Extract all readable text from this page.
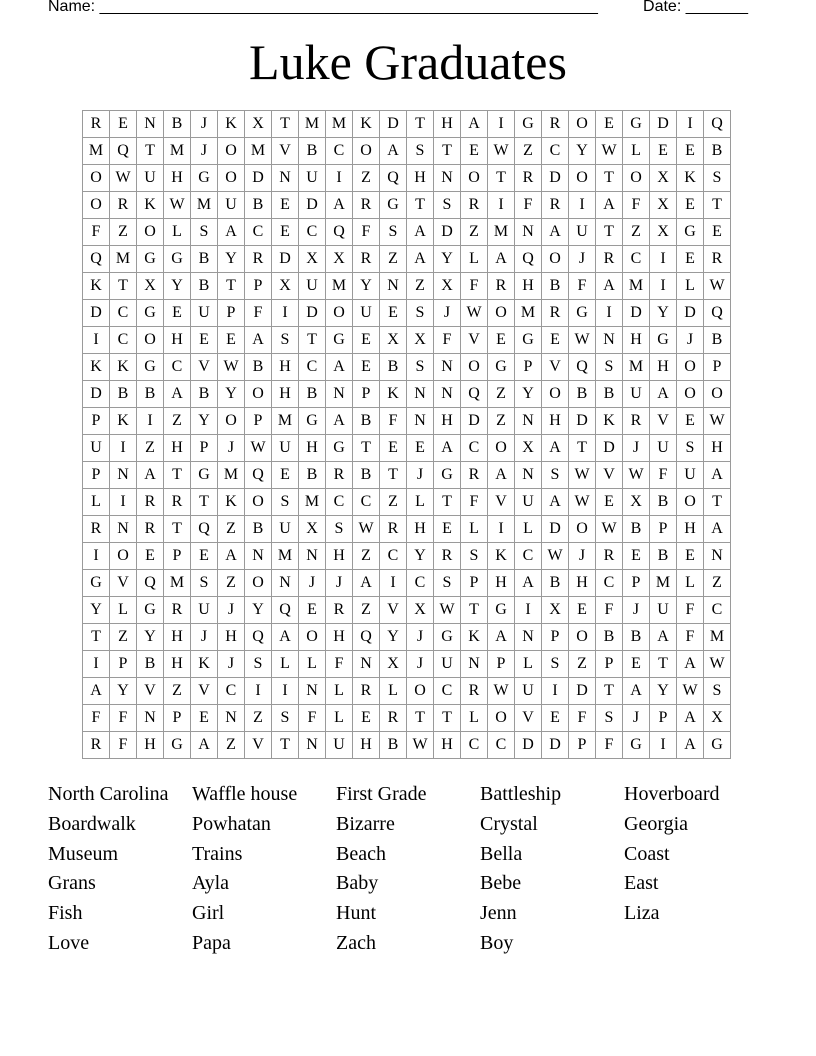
Name: ________________________________________________________	Date: _______
Luke Graduates
R	E	N	B	J	K	X	T	M	M	K	D	T	H	A	I	G	R	O	E	G	D	I	Q
M	Q	T	M	J	O	M	V	B	C	O	A	S	T	E	W	Z	C	Y	W	L	E	E	B
O	W	U	H	G	O	D	N	U	I	Z	Q	H	N	O	T	R	D	O	T	O	X	K	S
O	R	K	W	M	U	B	E	D	A	R	G	T	S	R	I	F	R	I	A	F	X	E	T
F	Z	O	L	S	A	C	E	C	Q	F	S	A	D	Z	M	N	A	U	T	Z	X	G	E
Q	M	G	G	B	Y	R	D	X	X	R	Z	A	Y	L	A	Q	O	J	R	C	I	E	R
K	T	X	Y	B	T	P	X	U	M	Y	N	Z	X	F	R	H	B	F	A	M	I	L	W
D	C	G	E	U	P	F	I	D	O	U	E	S	J	W	O	M	R	G	I	D	Y	D	Q
I	C	O	H	E	E	A	S	T	G	E	X	X	F	V	E	G	E	W	N	H	G	J	B
K	K	G	C	V	W	B	H	C	A	E	B	S	N	O	G	P	V	Q	S	M	H	O	P
D	B	B	A	B	Y	O	H	B	N	P	K	N	N	Q	Z	Y	O	B	B	U	A	O	O
P	K	I	Z	Y	O	P	M	G	A	B	F	N	H	D	Z	N	H	D	K	R	V	E	W
U	I	Z	H	P	J	W	U	H	G	T	E	E	A	C	O	X	A	T	D	J	U	S	H
P	N	A	T	G	M	Q	E	B	R	B	T	J	G	R	A	N	S	W	V	W	F	U	A
L	I	R	R	T	K	O	S	M	C	C	Z	L	T	F	V	U	A	W	E	X	B	O	T
R	N	R	T	Q	Z	B	U	X	S	W	R	H	E	L	I	L	D	O	W	B	P	H	A
I	O	E	P	E	A	N	M	N	H	Z	C	Y	R	S	K	C	W	J	R	E	B	E	N
G	V	Q	M	S	Z	O	N	J	J	A	I	C	S	P	H	A	B	H	C	P	M	L	Z
Y	L	G	R	U	J	Y	Q	E	R	Z	V	X	W	T	G	I	X	E	F	J	U	F	C
T	Z	Y	H	J	H	Q	A	O	H	Q	Y	J	G	K	A	N	P	O	B	B	A	F	M
I	P	B	H	K	J	S	L	L	F	N	X	J	U	N	P	L	S	Z	P	E	T	A	W
A	Y	V	Z	V	C	I	I	N	L	R	L	O	C	R	W	U	I	D	T	A	Y	W	S
F	F	N	P	E	N	Z	S	F	L	E	R	T	T	L	O	V	E	F	S	J	P	A	X
R	F	H	G	A	Z	V	T	N	U	H	B	W	H	C	C	D	D	P	F	G	I	A	G
North Carolina
Boardwalk
Museum
Grans
Fish
Love
Waffle house
Powhatan
Trains
Ayla
Girl
Papa
First Grade
Bizarre
Beach
Baby
Hunt
Zach
Battleship
Crystal
Bella
Bebe
Jenn
Boy
Hoverboard
Georgia
Coast
East
Liza
